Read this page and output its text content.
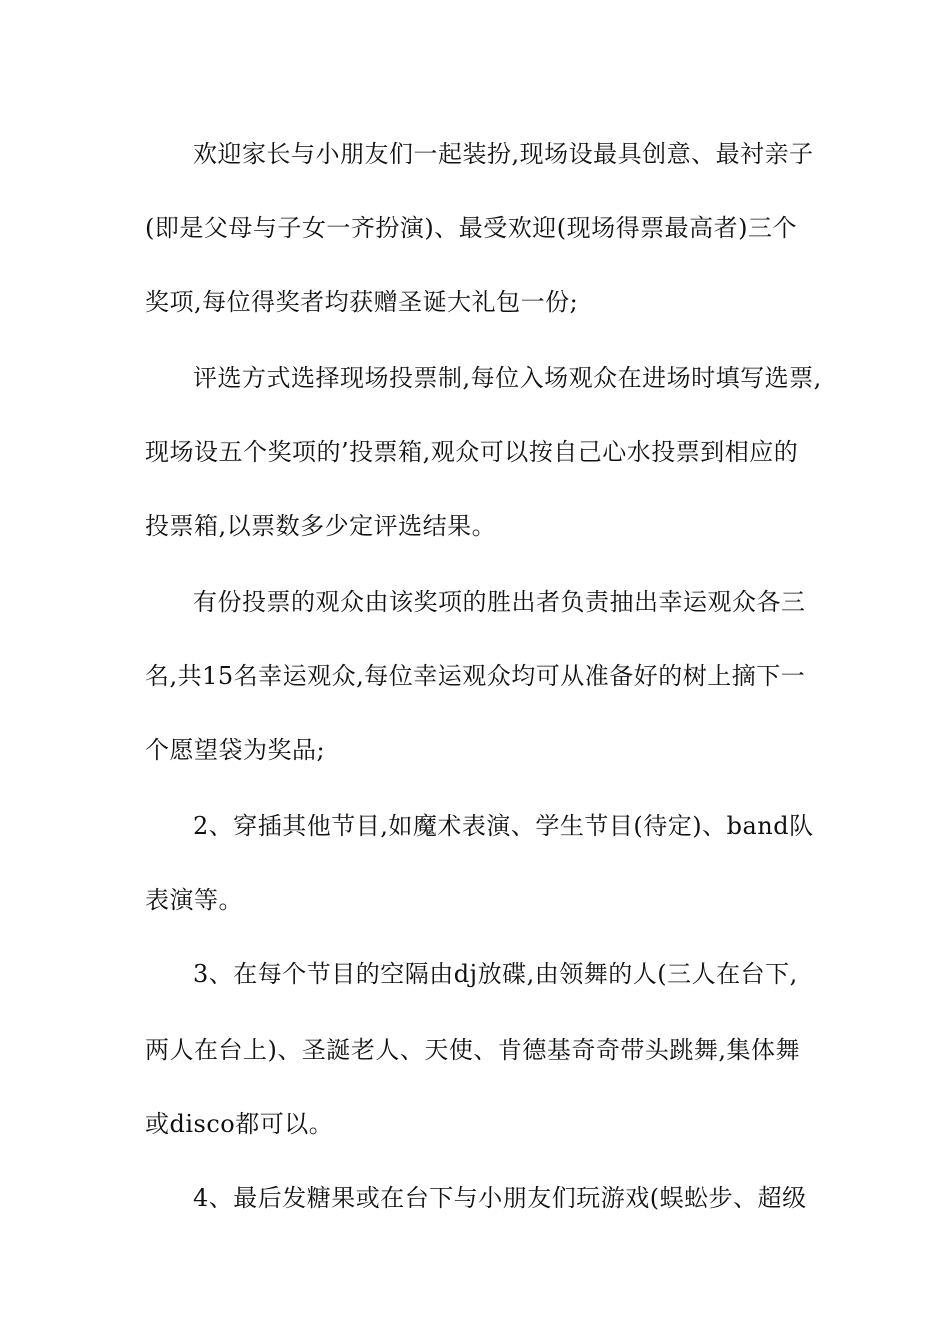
欢迎家长与小朋友们一起装扮,现场设最具创意、最衬亲子
(即是父母与子女一齐扮演)、最受欢迎(现场得票最高者)三个
奖项,每位得奖者均获赠圣诞大礼包一份;
评选方式选择现场投票制,每位入场观众在进场时填写选票,
现场设五个奖项的’投票箱,观众可以按自己心水投票到相应的
投票箱,以票数多少定评选结果。
有份投票的观众由该奖项的胜出者负责抽出幸运观众各三
名,共15名幸运观众,每位幸运观众均可从准备好的树上摘下一
个愿望袋为奖品;
2、穿插其他节目,如魔术表演、学生节目(待定)、band队
表演等。
3、在每个节目的空隔由dj放碟,由领舞的人(三人在台下,
两人在台上)、圣誕老人、天使、肯德基奇奇带头跳舞,集体舞
或disco都可以。
4、最后发糖果或在台下与小朋友们玩游戏(蜈蚣步、超级
